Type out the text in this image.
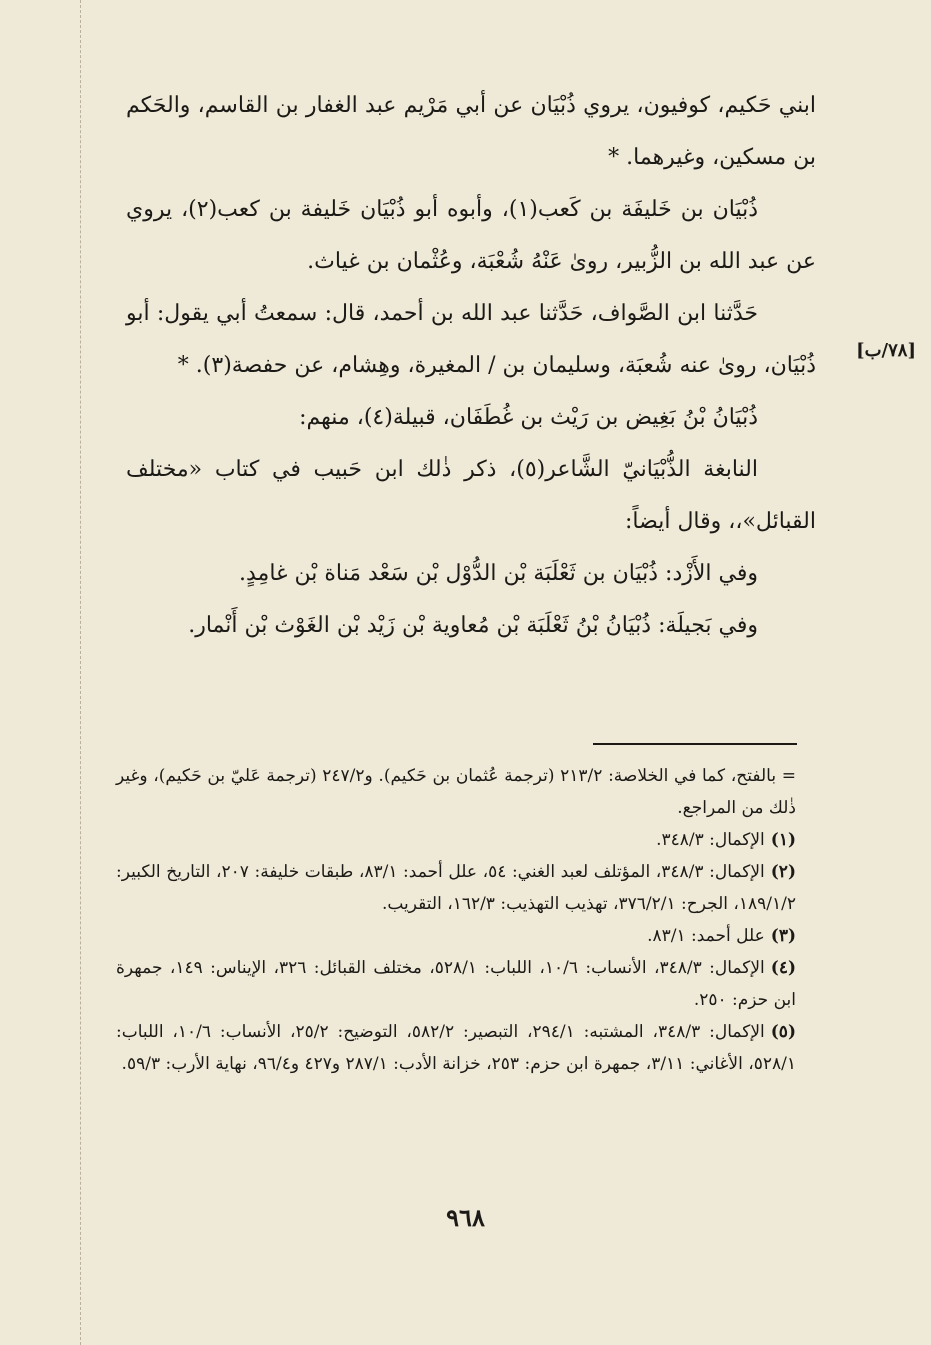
[٧٨/ب]

ابني حَكيم، كوفيون، يروي ذُبْيَان عن أبي مَرْيم عبد الغفار بن القاسم، والحَكم بن مسكين، وغيرهما. *

ذُبْيَان بن خَليفَة بن كَعب(١)، وأبوه أبو ذُبْيَان خَليفة بن كعب(٢)، يروي عن عبد الله بن الزُّبير، روىٰ عَنْهُ شُعْبَة، وعُثْمان بن غياث.

حَدَّثنا ابن الصَّواف، حَدَّثنا عبد الله بن أحمد، قال: سمعتُ أبي يقول: أبو ذُبْيَان، روىٰ عنه شُعبَة، وسليمان بن / المغيرة، وهِشام، عن حفصة(٣). *

ذُبْيَانُ بْنُ بَغِيض بن رَيْث بن غُطَفَان، قبيلة(٤)، منهم:

النابغة الذُّبْيَانيّ الشَّاعر(٥)، ذكر ذٰلك ابن حَبيب في كتاب «مختلف القبائل»،، وقال أيضاً:

وفي الأَزْد: ذُبْيَان بن ثَعْلَبَة بْن الدُّوْل بْن سَعْد مَناة بْن غامِدٍ.

وفي بَجيلَة: ذُبْيَانُ بْنُ ثَعْلَبَة بْن مُعاوية بْن زَيْد بْن الغَوْث بْن أَنْمار.

= بالفتح، كما في الخلاصة: ٢١٣/٢ (ترجمة عُثمان بن حَكيم). و٢٤٧/٢ (ترجمة عَليّ بن حَكيم)، وغير ذٰلك من المراجع.

(١)الإكمال: ٣٤٨/٣.

(٢)الإكمال: ٣٤٨/٣، المؤتلف لعبد الغني: ٥٤، علل أحمد: ٨٣/١، طبقات خليفة: ٢٠٧، التاريخ الكبير: ١٨٩/١/٢، الجرح: ٣٧٦/٢/١، تهذيب التهذيب: ١٦٢/٣، التقريب.

(٣)علل أحمد: ٨٣/١.

(٤)الإكمال: ٣٤٨/٣، الأنساب: ١٠/٦، اللباب: ٥٢٨/١، مختلف القبائل: ٣٢٦، الإيناس: ١٤٩، جمهرة ابن حزم: ٢٥٠.

(٥)الإكمال: ٣٤٨/٣، المشتبه: ٢٩٤/١، التبصير: ٥٨٢/٢، التوضيح: ٢٥/٢، الأنساب: ١٠/٦، اللباب: ٥٢٨/١، الأغاني: ٣/١١، جمهرة ابن حزم: ٢٥٣، خزانة الأدب: ٢٨٧/١ و٤٢٧ و٩٦/٤، نهاية الأرب: ٥٩/٣.

٩٦٨
